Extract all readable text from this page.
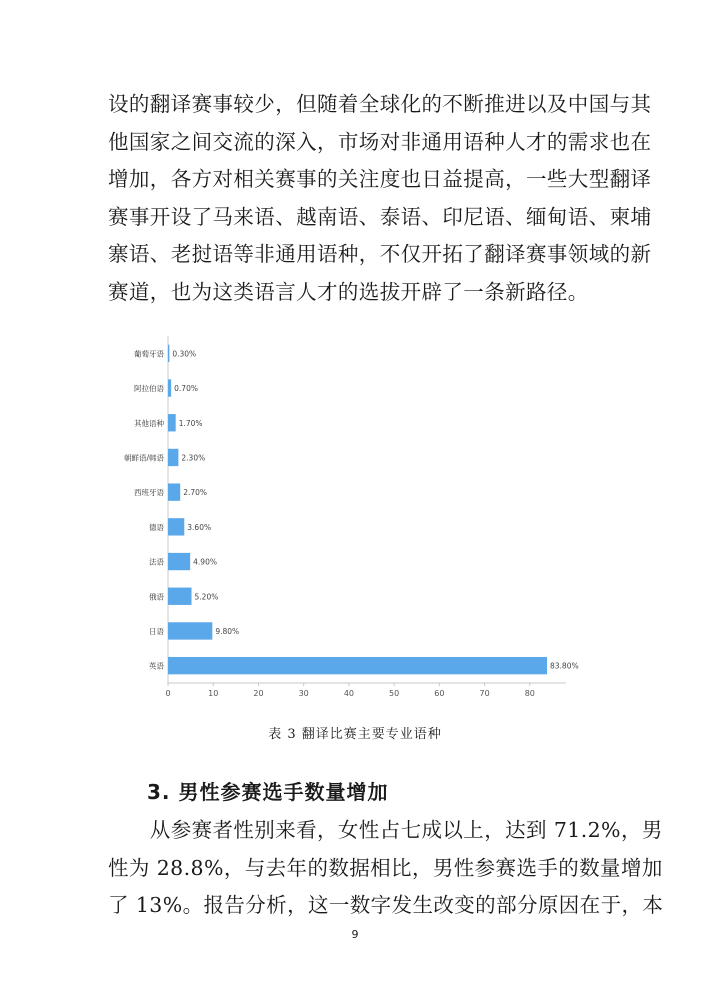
设的翻译赛事较少，但随着全球化的不断推进以及中国与其
他国家之间交流的深入，市场对非通用语种人才的需求也在
增加，各方对相关赛事的关注度也日益提高，一些大型翻译
赛事开设了马来语、越南语、泰语、印尼语、缅甸语、柬埔
寨语、老挝语等非通用语种，不仅开拓了翻译赛事领域的新
赛道，也为这类语言人才的选拔开辟了一条新路径。
葡萄牙语 0.30%
阿拉伯语 0.70%
其他语种 1.70%
朝鲜语/韩语 2.30%
西班牙语	2.70%
德语	3.60%
法语	4.90%
俄语	5.20%
日语	9.80%
英语	83.80%
0	10	20	30	40	50	60	70	80
表 3 翻译比赛主要专业语种
3. 男性参赛选手数量增加
　　从参赛者性别来看，女性占七成以上，达到 71.2%，男
性为 28.8%，与去年的数据相比，男性参赛选手的数量增加
了 13%。报告分析，这一数字发生改变的部分原因在于，本
9
